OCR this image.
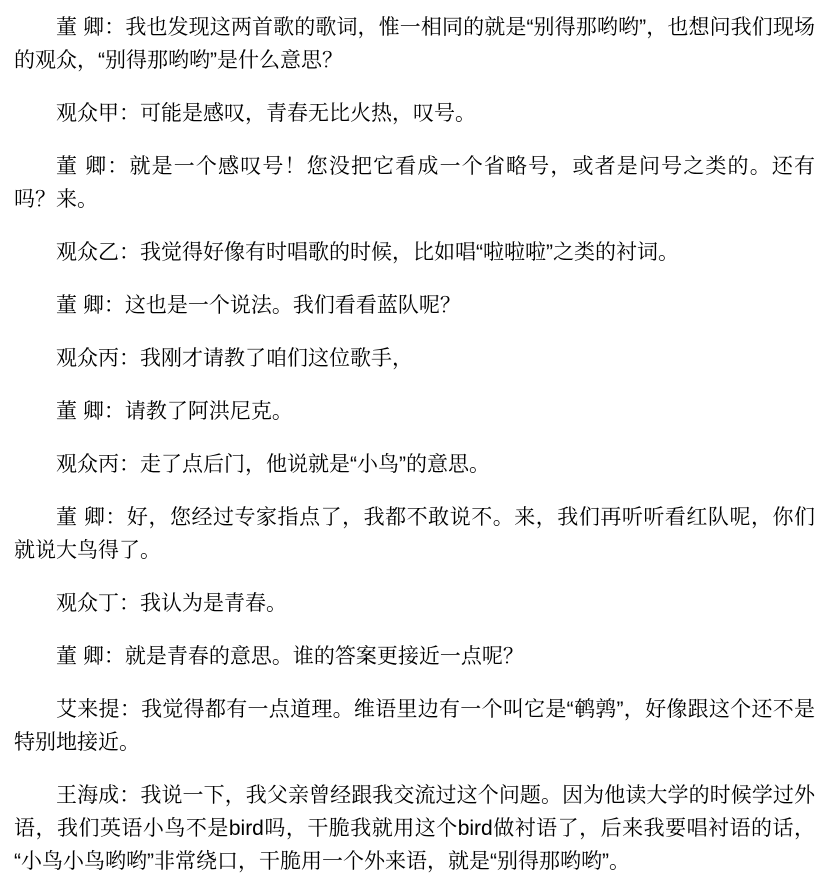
董 卿：我也发现这两首歌的歌词，惟一相同的就是“别得那哟哟”，也想问我们现场的观众，“别得那哟哟”是什么意思？

观众甲：可能是感叹，青春无比火热，叹号。

董 卿：就是一个感叹号！您没把它看成一个省略号，或者是问号之类的。还有吗？来。

观众乙：我觉得好像有时唱歌的时候，比如唱“啦啦啦”之类的衬词。

董 卿：这也是一个说法。我们看看蓝队呢？

观众丙：我刚才请教了咱们这位歌手，

董 卿：请教了阿洪尼克。

观众丙：走了点后门，他说就是“小鸟”的意思。

董 卿：好，您经过专家指点了，我都不敢说不。来，我们再听听看红队呢，你们就说大鸟得了。

观众丁：我认为是青春。

董 卿：就是青春的意思。谁的答案更接近一点呢？

艾来提：我觉得都有一点道理。维语里边有一个叫它是“鹌鹑”，好像跟这个还不是特别地接近。

王海成：我说一下，我父亲曾经跟我交流过这个问题。因为他读大学的时候学过外语，我们英语小鸟不是bird吗，干脆我就用这个bird做衬语了，后来我要唱衬语的话，“小鸟小鸟哟哟”非常绕口，干脆用一个外来语，就是“别得那哟哟”。
